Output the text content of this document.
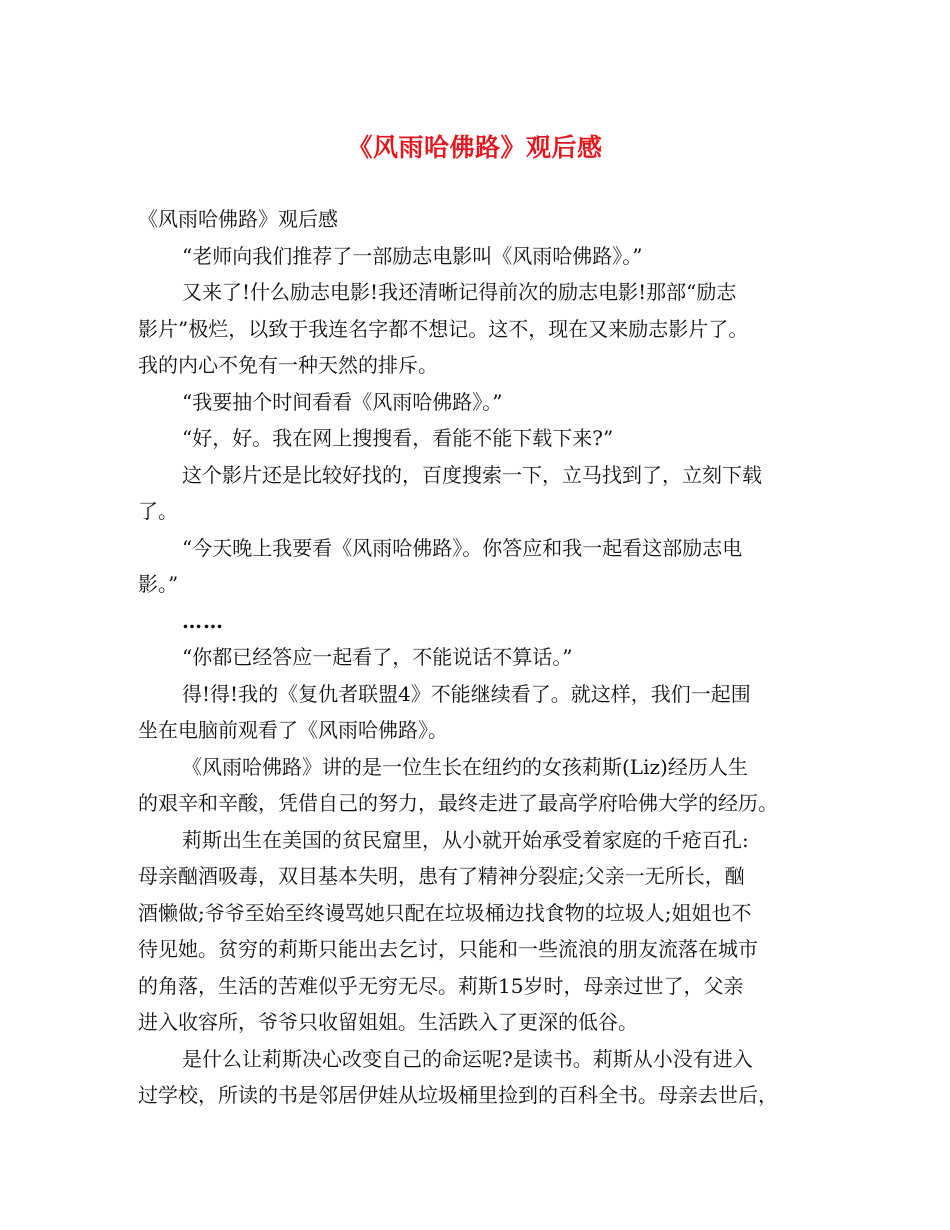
《风雨哈佛路》观后感
《风雨哈佛路》观后感
“老师向我们推荐了一部励志电影叫《风雨哈佛路》。”
又来了!什么励志电影!我还清晰记得前次的励志电影!那部“励志
影片”极烂，以致于我连名字都不想记。这不，现在又来励志影片了。
我的内心不免有一种天然的排斥。
“我要抽个时间看看《风雨哈佛路》。”
“好，好。我在网上搜搜看，看能不能下载下来?”
这个影片还是比较好找的，百度搜索一下，立马找到了，立刻下载
了。
“今天晚上我要看《风雨哈佛路》。你答应和我一起看这部励志电
影。”
……
“你都已经答应一起看了，不能说话不算话。”
得!得!我的《复仇者联盟4》不能继续看了。就这样，我们一起围
坐在电脑前观看了《风雨哈佛路》。
《风雨哈佛路》讲的是一位生长在纽约的女孩莉斯(Liz)经历人生
的艰辛和辛酸，凭借自己的努力，最终走进了最高学府哈佛大学的经历。
莉斯出生在美国的贫民窟里，从小就开始承受着家庭的千疮百孔:
母亲酗酒吸毒，双目基本失明，患有了精神分裂症;父亲一无所长，酗
酒懒做;爷爷至始至终谩骂她只配在垃圾桶边找食物的垃圾人;姐姐也不
待见她。贫穷的莉斯只能出去乞讨，只能和一些流浪的朋友流落在城市
的角落，生活的苦难似乎无穷无尽。莉斯15岁时，母亲过世了，父亲
进入收容所，爷爷只收留姐姐。生活跌入了更深的低谷。
是什么让莉斯决心改变自己的命运呢?是读书。莉斯从小没有进入
过学校，所读的书是邻居伊娃从垃圾桶里捡到的百科全书。母亲去世后，
